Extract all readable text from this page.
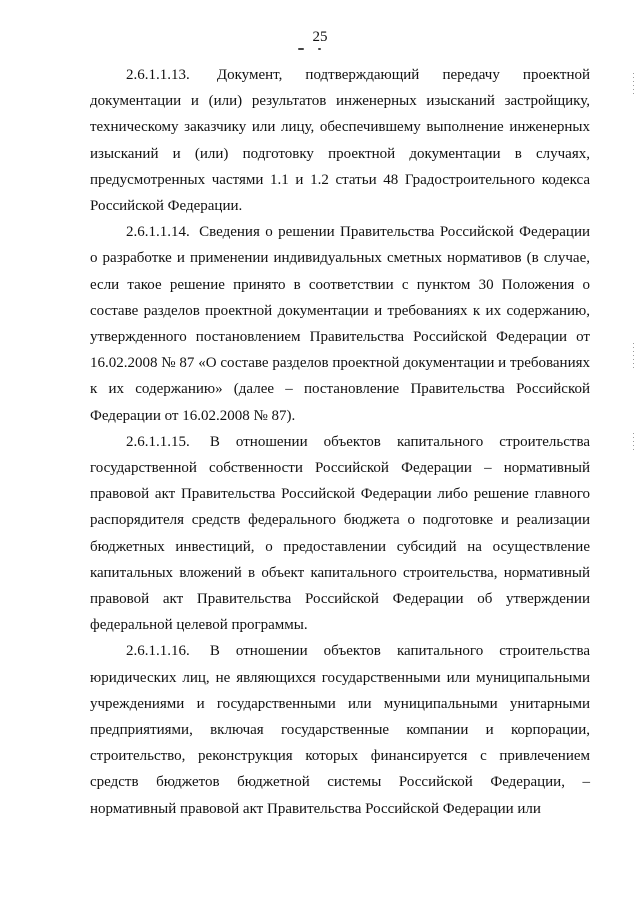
25

2.6.1.1.13. Документ, подтверждающий передачу проектной документации и (или) результатов инженерных изысканий застройщику, техническому заказчику или лицу, обеспечившему выполнение инженерных изысканий и (или) подготовку проектной документации в случаях, предусмотренных частями 1.1 и 1.2 статьи 48 Градостроительного кодекса Российской Федерации.

2.6.1.1.14. Сведения о решении Правительства Российской Федерации о разработке и применении индивидуальных сметных нормативов (в случае, если такое решение принято в соответствии с пунктом 30 Положения о составе разделов проектной документации и требованиях к их содержанию, утвержденного постановлением Правительства Российской Федерации от 16.02.2008 № 87 «О составе разделов проектной документации и требованиях к их содержанию» (далее – постановление Правительства Российской Федерации от 16.02.2008 № 87).

2.6.1.1.15. В отношении объектов капитального строительства государственной собственности Российской Федерации – нормативный правовой акт Правительства Российской Федерации либо решение главного распорядителя средств федерального бюджета о подготовке и реализации бюджетных инвестиций, о предоставлении субсидий на осуществление капитальных вложений в объект капитального строительства, нормативный правовой акт Правительства Российской Федерации об утверждении федеральной целевой программы.

2.6.1.1.16. В отношении объектов капитального строительства юридических лиц, не являющихся государственными или муниципальными учреждениями и государственными или муниципальными унитарными предприятиями, включая государственные компании и корпорации, строительство, реконструкция которых финансируется с привлечением средств бюджетов бюджетной системы Российской Федерации, – нормативный правовой акт Правительства Российской Федерации или
